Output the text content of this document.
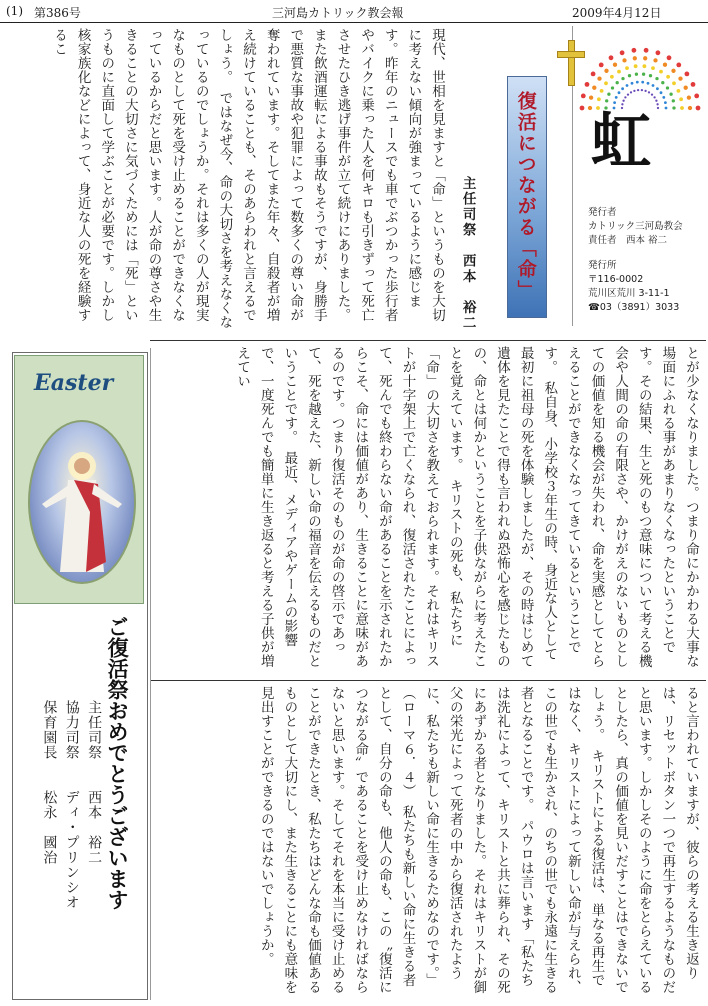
(1) 第386号	三河島カトリック教会報	2009年4月12日
虹
発行者
カトリック三河島教会
責任者　 西本 裕二
発行所
〒116-0002
荒川区荒川 3-11-1
☎03（3891）3033
復活につながる「命」
主任司祭　西本　裕二
現代、世相を見ますと「命」というものを大切に考えない傾向が強まっているように感じます。昨年のニュースでも車でぶつかった歩行者やバイクに乗った人を何キロも引きずって死亡させたひき逃げ事件が立て続けにありました。また飲酒運転による事故もそうですが、身勝手で悪質な事故や犯罪によって数多くの尊い命が奪われています。そしてまた年々、自殺者が増え続けていることも、そのあらわれと言えるでしょう。　ではなぜ今、命の大切さを考えなくなっているのでしょうか。それは多くの人が現実なものとして死を受け止めることができなくなっているからだと思います。人が命の尊さや生きることの大切さに気づくためには「死」というものに直面して学ぶことが必要です。しかし核家族化などによって、身近な人の死を経験するこ
とが少なくなりました。つまり命にかかわる大事な場面にふれる事があまりなくなったということです。その結果、生と死のもつ意味について考える機会や人間の命の有限さや、かけがえのないものとしての価値を知る機会が失われ、命を実感としてとらえることができなくなってきているということです。　私自身、小学校３年生の時、身近な人として最初に祖母の死を体験しましたが、その時はじめて遺体を見たことで得も言われぬ恐怖心を感じたものの、命とは何かということを子供ながらに考えたことを覚えています。　キリストの死も、私たちに「命」の大切さを教えておられます。それはキリストが十字架上で亡くなられ、復活されたことによって、死んでも終わらない命があることを示されたからこそ、命には価値があり、生きることに意味があるのです。つまり復活そのものが命の啓示であって、死を越えた、新しい命の福音を伝えるものだということです。　最近、メディアやゲームの影響で、一度死んでも簡単に生き返ると考える子供が増えてい
ると言われていますが、彼らの考える生き返りは、リセットボタン一つで再生するようなものだと思います。しかしそのように命をとらえているとしたら、真の価値を見いだすことはできないでしょう。　キリストによる復活は、単なる再生ではなく、キリストによって新しい命が与えられ、この世でも生かされ、のちの世でも永遠に生きる者となることです。　パウロは言います「私たちは洗礼によって、キリストと共に葬られ、その死にあずかる者となりました。それはキリストが御父の栄光によって死者の中から復活されたように、私たちも新しい命に生きるためなのです。」（ローマ６．４）　私たちも新しい命に生きる者として、自分の命も、他人の命も、この〝復活につながる命〟であることを受け止めなければならないと思います。そしてそれを本当に受け止めることができたとき、私たちはどんな命も価値あるものとして大切にし、また生きることにも意味を見出すことができるのではないでしょうか。
Easter
ご復活祭おめでとうございます

主任司祭　　西本　裕二

協力司祭　　ディ・プリンシオ

保育園長　　松永　國治
